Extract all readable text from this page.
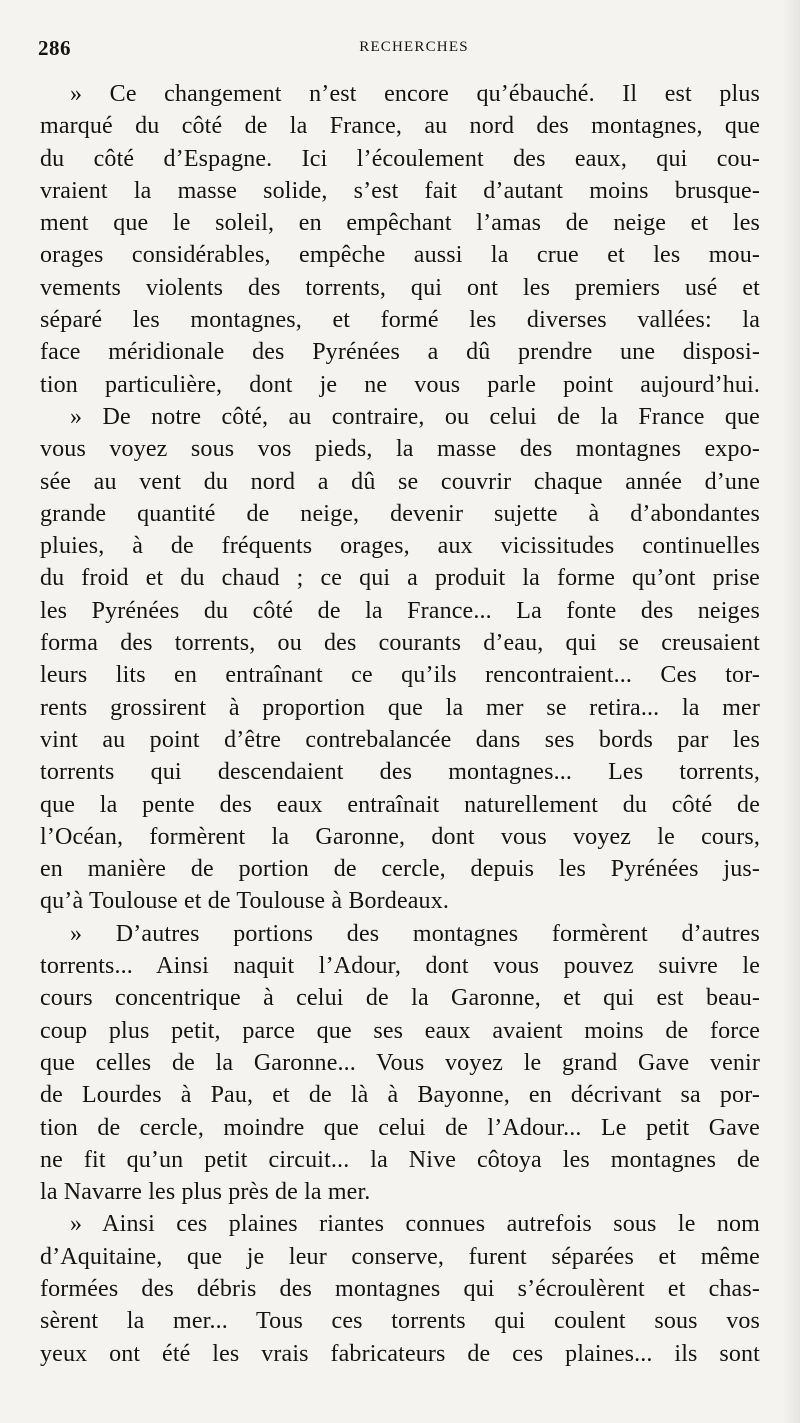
286	RECHERCHES
» Ce changement n’est encore qu’ébauché. Il est plus
marqué du côté de la France, au nord des montagnes, que
du côté d’Espagne. Ici l’écoulement des eaux, qui cou-
vraient la masse solide, s’est fait d’autant moins brusque-
ment que le soleil, en empêchant l’amas de neige et les
orages considérables, empêche aussi la crue et les mou-
vements violents des torrents, qui ont les premiers usé et
séparé les montagnes, et formé les diverses vallées: la
face méridionale des Pyrénées a dû prendre une disposi-
tion particulière, dont je ne vous parle point aujourd’hui.
» De notre côté, au contraire, ou celui de la France que
vous voyez sous vos pieds, la masse des montagnes expo-
sée au vent du nord a dû se couvrir chaque année d’une
grande quantité de neige, devenir sujette à d’abondantes
pluies, à de fréquents orages, aux vicissitudes continuelles
du froid et du chaud ; ce qui a produit la forme qu’ont prise
les Pyrénées du côté de la France... La fonte des neiges
forma des torrents, ou des courants d’eau, qui se creusaient
leurs lits en entraînant ce qu’ils rencontraient... Ces tor-
rents grossirent à proportion que la mer se retira... la mer
vint au point d’être contrebalancée dans ses bords par les
torrents qui descendaient des montagnes... Les torrents,
que la pente des eaux entraînait naturellement du côté de
l’Océan, formèrent la Garonne, dont vous voyez le cours,
en manière de portion de cercle, depuis les Pyrénées jus-
qu’à Toulouse et de Toulouse à Bordeaux.
» D’autres portions des montagnes formèrent d’autres
torrents... Ainsi naquit l’Adour, dont vous pouvez suivre le
cours concentrique à celui de la Garonne, et qui est beau-
coup plus petit, parce que ses eaux avaient moins de force
que celles de la Garonne... Vous voyez le grand Gave venir
de Lourdes à Pau, et de là à Bayonne, en décrivant sa por-
tion de cercle, moindre que celui de l’Adour... Le petit Gave
ne fit qu’un petit circuit... la Nive côtoya les montagnes de
la Navarre les plus près de la mer.
» Ainsi ces plaines riantes connues autrefois sous le nom
d’Aquitaine, que je leur conserve, furent séparées et même
formées des débris des montagnes qui s’écroulèrent et chas-
sèrent la mer... Tous ces torrents qui coulent sous vos
yeux ont été les vrais fabricateurs de ces plaines... ils sont
